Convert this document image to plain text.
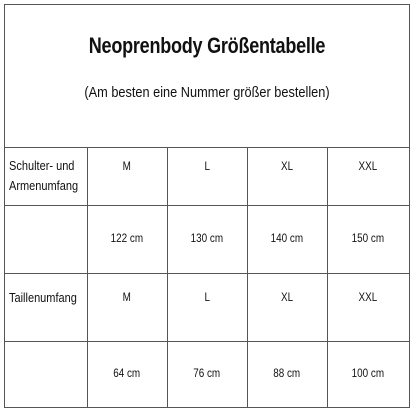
Neoprenbody Größentabelle
(Am besten eine Nummer größer bestellen)
Schulter- und
Armenumfang	M	L	XL	XXL
	122 cm	130 cm	140 cm	150 cm
Taillenumfang	M	L	XL	XXL
	64 cm	76 cm	88 cm	100 cm
